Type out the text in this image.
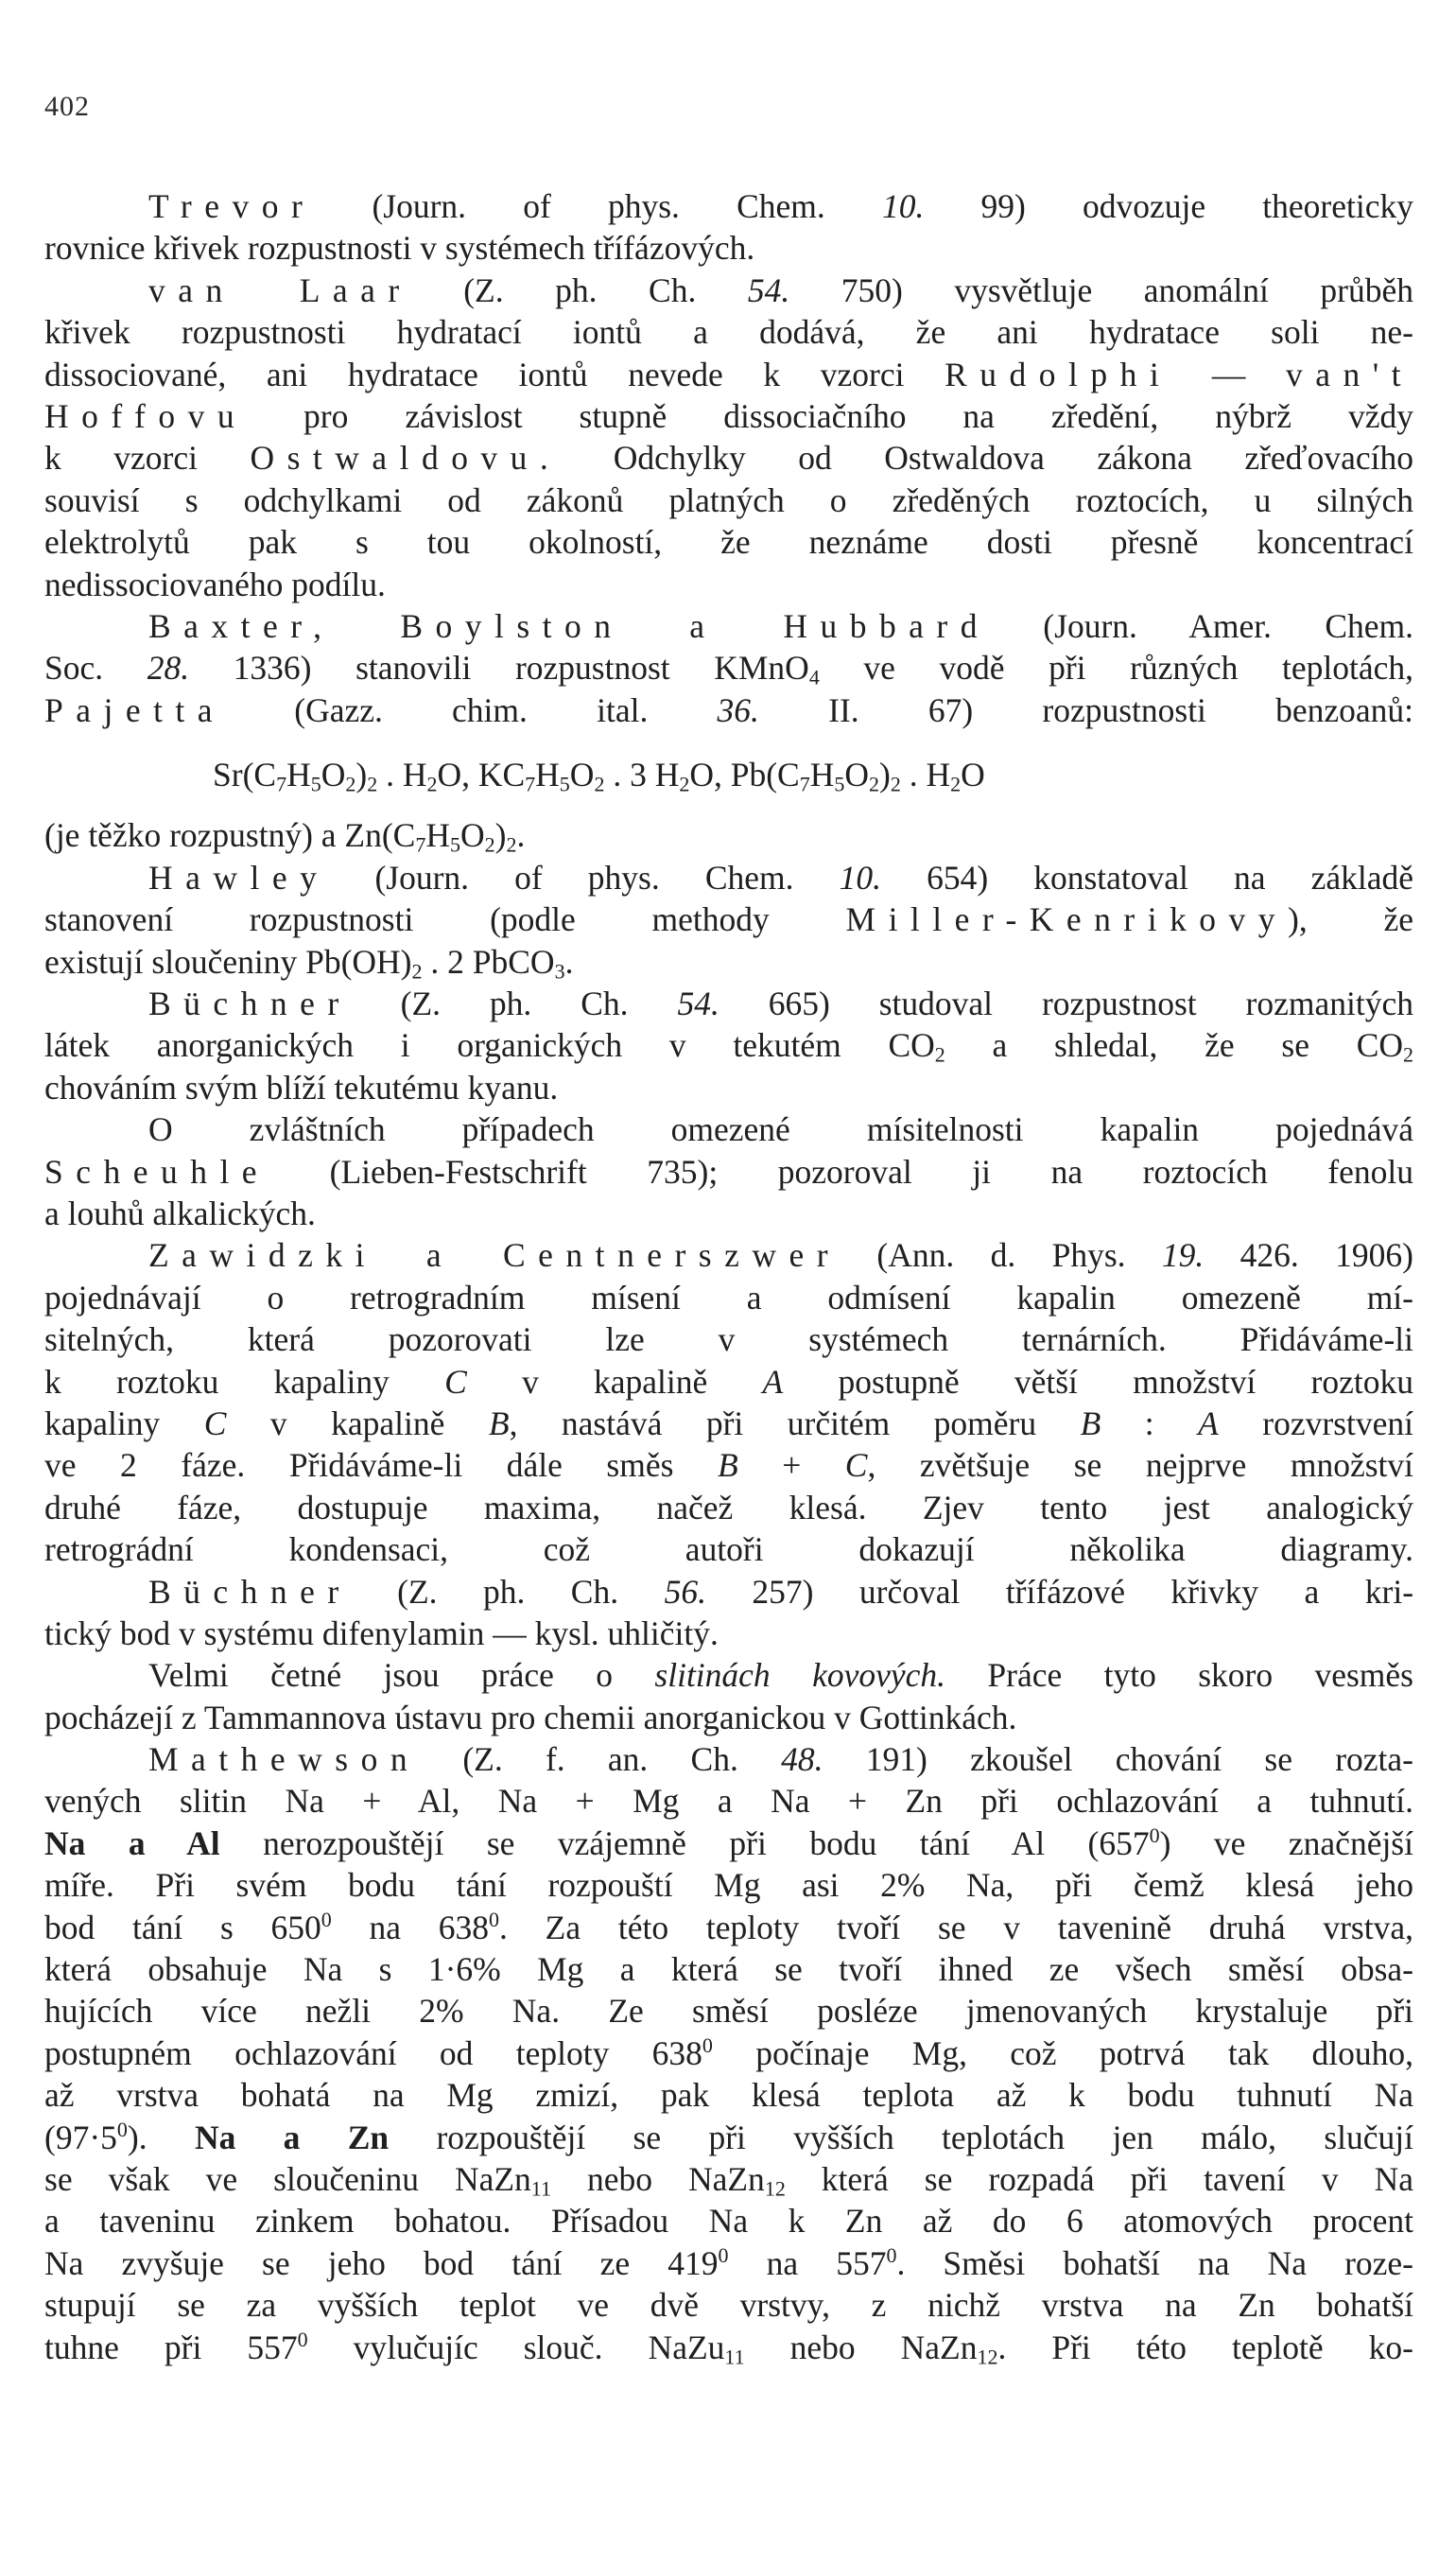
402
Trevor (Journ. of phys. Chem. 10. 99) odvozuje theoreticky
rovnice křivek rozpustnosti v systémech třífázových.
van Laar (Z. ph. Ch. 54. 750) vysvětluje anomální průběh
křivek rozpustnosti hydratací iontů a dodává, že ani hydratace soli ne-
dissociované, ani hydratace iontů nevede k vzorci Rudolphi — van't
Hoffovu pro závislost stupně dissociačního na zředění, nýbrž vždy
k vzorci Ostwaldovu. Odchylky od Ostwaldova zákona zřeďovacího
souvisí s odchylkami od zákonů platných o zředěných roztocích, u silných
elektrolytů pak s tou okolností, že neznáme dosti přesně koncentrací
nedissociovaného podílu.
Baxter, Boylston a Hubbard (Journ. Amer. Chem.
Soc. 28. 1336) stanovili rozpustnost KMnO$_4$ ve vodě při různých teplotách,
Pajetta (Gazz. chim. ital. 36. II. 67) rozpustnosti benzoanů:
$Sr(C_7H_5O_2)_2$ . $H_2O$, $KC_7H_5O_2$ . 3 $H_2O$, $Pb(C_7H_5O_2)_2$ . $H_2O$
(je těžko rozpustný) a $Zn(C_7H_5O_2)_2$.
Hawley (Journ. of phys. Chem. 10. 654) konstatoval na základě
stanovení rozpustnosti (podle methody Miller-Kenrikovy), že
existují sloučeniny $Pb(OH)_2$ . 2 PbCO$_3$.
Büchner (Z. ph. Ch. 54. 665) studoval rozpustnost rozmanitých
látek anorganických i organických v tekutém $CO_2$ a shledal, že se $CO_2$
chováním svým blíží tekutému kyanu.
O zvláštních případech omezené mísitelnosti kapalin pojednává
Scheuhle (Lieben-Festschrift 735); pozoroval ji na roztocích fenolu
a louhů alkalických.
Zawidzki a Centnerszwer (Ann. d. Phys. 19. 426. 1906)
pojednávají o retrogradním mísení a odmísení kapalin omezeně mí-
sitelných, která pozorovati lze v systémech ternárních. Přidáváme-li
k roztoku kapaliny C v kapalině A postupně větší množství roztoku
kapaliny C v kapalině B, nastává při určitém poměru B : A rozvrstvení
ve 2 fáze. Přidáváme-li dále směs B + C, zvětšuje se nejprve množství
druhé fáze, dostupuje maxima, načež klesá. Zjev tento jest analogický
retrográdní kondensaci, což autoři dokazují několika diagramy.
Büchner (Z. ph. Ch. 56. 257) určoval třífázové křivky a kri-
tický bod v systému difenylamin — kysl. uhličitý.
Velmi četné jsou práce o slitinách kovových. Práce tyto skoro vesměs
pocházejí z Tammannova ústavu pro chemii anorganickou v Gottinkách.
Mathewson (Z. f. an. Ch. 48. 191) zkoušel chování se rozta-
vených slitin Na + Al, Na + Mg a Na + Zn při ochlazování a tuhnutí.
Na a Al nerozpouštějí se vzájemně při bodu tání Al $(657^0)$ ve značnější
míře. Při svém bodu tání rozpouští Mg asi 2% Na, při čemž klesá jeho
bod tání s $650^0$ na $638^0$. Za této teploty tvoří se v tavenině druhá vrstva,
která obsahuje Na s 1·6% Mg a která se tvoří ihned ze všech směsí obsa-
hujících více nežli 2% Na. Ze směsí posléze jmenovaných krystaluje při
postupném ochlazování od teploty $638^0$ počínaje Mg, což potrvá tak dlouho,
až vrstva bohatá na Mg zmizí, pak klesá teplota až k bodu tuhnutí Na
$(97\cdot 5^0)$. Na a Zn rozpouštějí se při vyšších teplotách jen málo, slučují
se však ve sloučeninu NaZn$_{11}$ nebo NaZn$_{12}$ která se rozpadá při tavení v Na
a taveninu zinkem bohatou. Přísadou Na k Zn až do 6 atomových procent
Na zvyšuje se jeho bod tání ze $419^0$ na $557^0$. Směsi bohatší na Na roze-
stupují se za vyšších teplot ve dvě vrstvy, z nichž vrstva na Zn bohatší
tuhne při $557^0$ vylučujíc slouč. NaZu$_{11}$ nebo NaZn$_{12}$. Při této teplotě ko-
